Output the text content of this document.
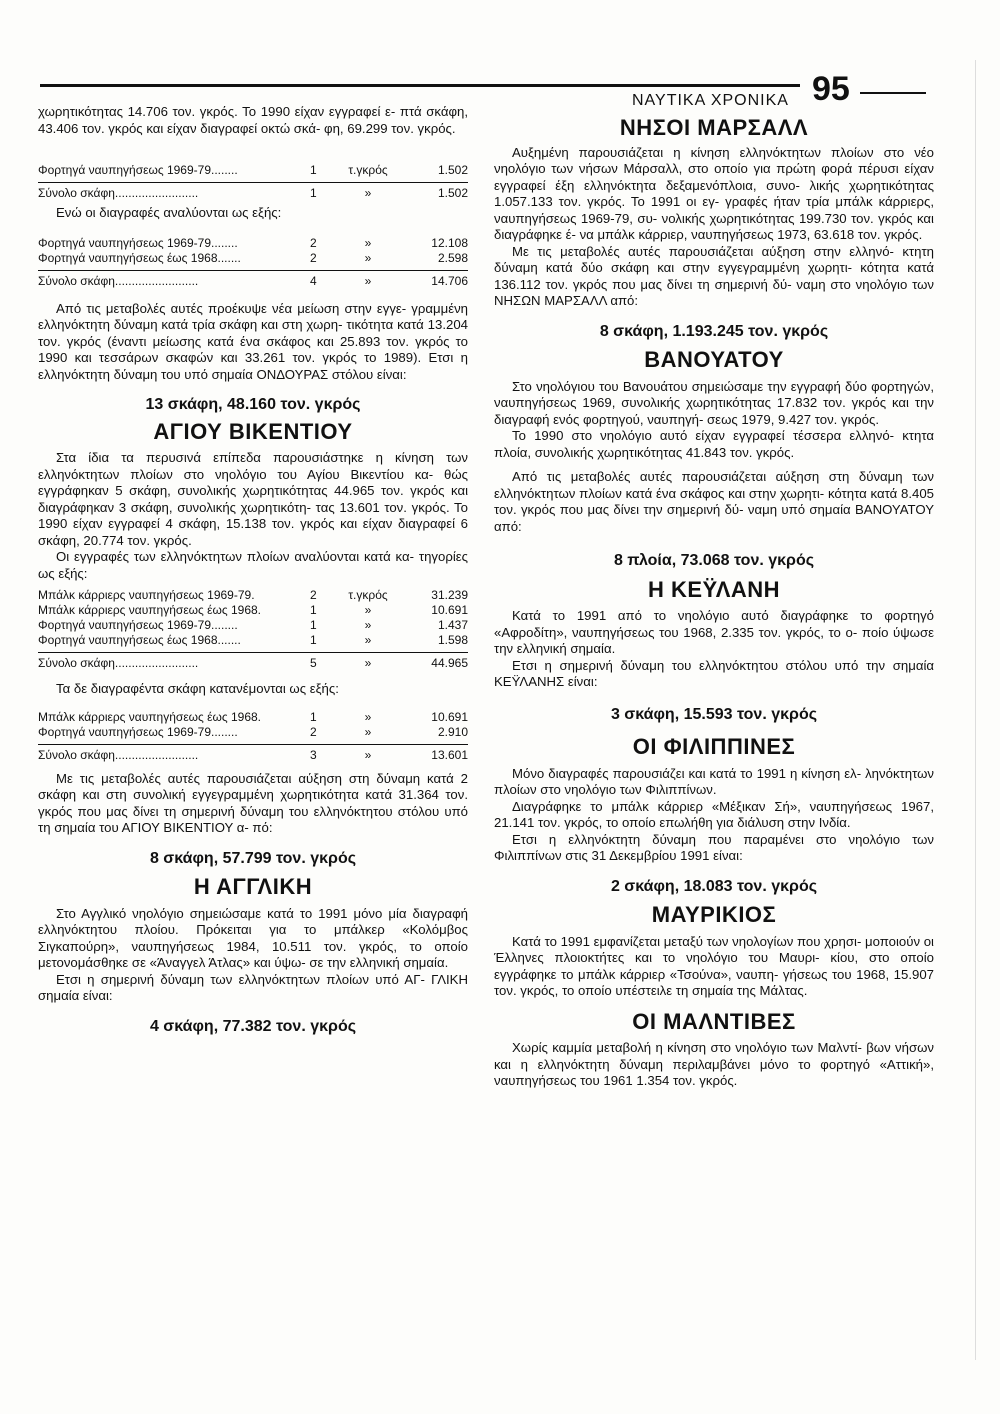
ΝΑΥΤΙΚΑ ΧΡΟΝΙΚΑ 95

χωρητικότητας 14.706 τον. γκρός. Το 1990 είχαν εγγραφεί ε- πτά σκάφη, 43.406 τον. γκρός και είχαν διαγραφεί οκτώ σκά- φη, 69.299 τον. γκρός.

Φορτηγά ναυπηγήσεως 1969-79........	1	τ.γκρός	1.502
Σύνολο σκάφη.........................	1	»	1.502

Ενώ οι διαγραφές αναλύονται ως εξής:

Φορτηγά ναυπηγήσεως 1969-79........	2	»	12.108
Φορτηγά ναυπηγήσεως έως 1968.......	2	»	2.598
Σύνολο σκάφη.........................	4	»	14.706

Από τις μεταβολές αυτές προέκυψε νέα μείωση στην εγγε- γραμμένη ελληνόκτητη δύναμη κατά τρία σκάφη και στη χωρη- τικότητα κατά 13.204 τον. γκρός (έναντι μείωσης κατά ένα σκάφος και 25.893 τον. γκρός το 1990 και τεσσάρων σκαφών και 33.261 τον. γκρός το 1989). Ετσι η ελληνόκτητη δύναμη του υπό σημαία ΟΝΔΟΥΡΑΣ στόλου είναι:

13 σκάφη, 48.160 τον. γκρός

ΑΓΙΟΥ ΒΙΚΕΝΤΙΟΥ

Στα ίδια τα περυσινά επίπεδα παρουσιάστηκε η κίνηση των ελληνόκτητων πλοίων στο νηολόγιο του Αγίου Βικεντίου κα- θώς εγγράφηκαν 5 σκάφη, συνολικής χωρητικότητας 44.965 τον. γκρός και διαγράφηκαν 3 σκάφη, συνολικής χωρητικότη- τας 13.601 τον. γκρός. Το 1990 είχαν εγγραφεί 4 σκάφη, 15.138 τον. γκρός και είχαν διαγραφεί 6 σκάφη, 20.774 τον. γκρός.

Οι εγγραφές των ελληνόκτητων πλοίων αναλύονται κατά κα- τηγορίες ως εξής:

Μπάλκ κάρριερς ναυπηγήσεως 1969-79.	2	τ.γκρός	31.239
Μπάλκ κάρριερς ναυπηγήσεως έως 1968.	1	»	10.691
Φορτηγά ναυπηγήσεως 1969-79........	1	»	1.437
Φορτηγά ναυπηγήσεως έως 1968.......	1	»	1.598
Σύνολο σκάφη.........................	5	»	44.965

Τα δε διαγραφέντα σκάφη κατανέμονται ως εξής:

Μπάλκ κάρριερς ναυπηγήσεως έως 1968.	1	»	10.691
Φορτηγά ναυπηγήσεως 1969-79........	2	»	2.910
Σύνολο σκάφη.........................	3	»	13.601

Με τις μεταβολές αυτές παρουσιάζεται αύξηση στη δύναμη κατά 2 σκάφη και στη συνολική εγγεγραμμένη χωρητικότητα κατά 31.364 τον. γκρός που μας δίνει τη σημερινή δύναμη του ελληνόκτητου στόλου υπό τη σημαία του ΑΓΙΟΥ ΒΙΚΕΝΤΙΟΥ α- πό:

8 σκάφη, 57.799 τον. γκρός

Η ΑΓΓΛΙΚΗ

Στο Αγγλικό νηολόγιο σημειώσαμε κατά το 1991 μόνο μία διαγραφή ελληνόκτητου πλοίου. Πρόκειται για το μπάλκερ «Κολόμβος Σιγκαπούρη», ναυπηγήσεως 1984, 10.511 τον. γκρός, το οποίο μετονομάσθηκε σε «Άναγγελ Άτλας» και ύψω- σε την ελληνική σημαία.

Ετσι η σημερινή δύναμη των ελληνόκτητων πλοίων υπό ΑΓ- ΓΛΙΚΗ σημαία είναι:

4 σκάφη, 77.382 τον. γκρός

ΝΗΣΟΙ ΜΑΡΣΑΛΛ

Αυξημένη παρουσιάζεται η κίνηση ελληνόκτητων πλοίων στο νέο νηολόγιο των νήσων Μάρσαλλ, στο οποίο για πρώτη φορά πέρυσι είχαν εγγραφεί έξη ελληνόκτητα δεξαμενόπλοια, συνο- λικής χωρητικότητας 1.057.133 τον. γκρός. Το 1991 οι εγ- γραφές ήταν τρία μπάλκ κάρριερς, ναυπηγήσεως 1969-79, συ- νολικής χωρητικότητας 199.730 τον. γκρός και διαγράφηκε έ- να μπάλκ κάρριερ, ναυπηγήσεως 1973, 63.618 τον. γκρός.

Με τις μεταβολές αυτές παρουσιάζεται αύξηση στην ελληνό- κτητη δύναμη κατά δύο σκάφη και στην εγγεγραμμένη χωρητι- κότητα κατά 136.112 τον. γκρός που μας δίνει τη σημερινή δύ- ναμη στο νηολόγιο των ΝΗΣΩΝ ΜΑΡΣΑΛΛ από:

8 σκάφη, 1.193.245 τον. γκρός

ΒΑΝΟΥΑΤΟΥ

Στο νηολόγιου του Βανουάτου σημειώσαμε την εγγραφή δύο φορτηγών, ναυπηγήσεως 1969, συνολικής χωρητικότητας 17.832 τον. γκρός και την διαγραφή ενός φορτηγού, ναυπηγή- σεως 1979, 9.427 τον. γκρός.

Το 1990 στο νηολόγιο αυτό είχαν εγγραφεί τέσσερα ελληνό- κτητα πλοία, συνολικής χωρητικότητας 41.843 τον. γκρός.

Από τις μεταβολές αυτές παρουσιάζεται αύξηση στη δύναμη των ελληνόκτητων πλοίων κατά ένα σκάφος και στην χωρητι- κότητα κατά 8.405 τον. γκρός που μας δίνει την σημερινή δύ- ναμη υπό σημαία ΒΑΝΟΥΑΤΟΥ από:

8 πλοία, 73.068 τον. γκρός

Η ΚΕΫΛΑΝΗ

Κατά το 1991 από το νηολόγιο αυτό διαγράφηκε το φορτηγό «Αφροδίτη», ναυπηγήσεως του 1968, 2.335 τον. γκρός, το ο- ποίο ύψωσε την ελληνική σημαία.

Ετσι η σημερινή δύναμη του ελληνόκτητου στόλου υπό την σημαία ΚΕΫΛΑΝΗΣ είναι:

3 σκάφη, 15.593 τον. γκρός

ΟΙ ΦΙΛΙΠΠΙΝΕΣ

Μόνο διαγραφές παρουσιάζει και κατά το 1991 η κίνηση ελ- ληνόκτητων πλοίων στο νηολόγιο των Φιλιππίνων.

Διαγράφηκε το μπάλκ κάρριερ «Μέξικαν Σή», ναυπηγήσεως 1967, 21.141 τον. γκρός, το οποίο επωλήθη για διάλυση στην Ινδία.

Ετσι η ελληνόκτητη δύναμη που παραμένει στο νηολόγιο των Φιλιππίνων στις 31 Δεκεμβρίου 1991 είναι:

2 σκάφη, 18.083 τον. γκρός

ΜΑΥΡΙΚΙΟΣ

Κατά το 1991 εμφανίζεται μεταξύ των νηολογίων που χρησι- μοποιούν οι Έλληνες πλοιοκτήτες και το νηολόγιο του Μαυρι- κίου, στο οποίο εγγράφηκε το μπάλκ κάρριερ «Τσούνα», ναυπη- γήσεως του 1968, 15.907 τον. γκρός, το οποίο υπέστειλε τη σημαία της Μάλτας.

ΟΙ ΜΑΛΝΤΙΒΕΣ

Χωρίς καμμία μεταβολή η κίνηση στο νηολόγιο των Μαλντί- βων νήσων και η ελληνόκτητη δύναμη περιλαμβάνει μόνο το φορτηγό «Αττική», ναυπηγήσεως του 1961 1.354 τον. γκρός.
